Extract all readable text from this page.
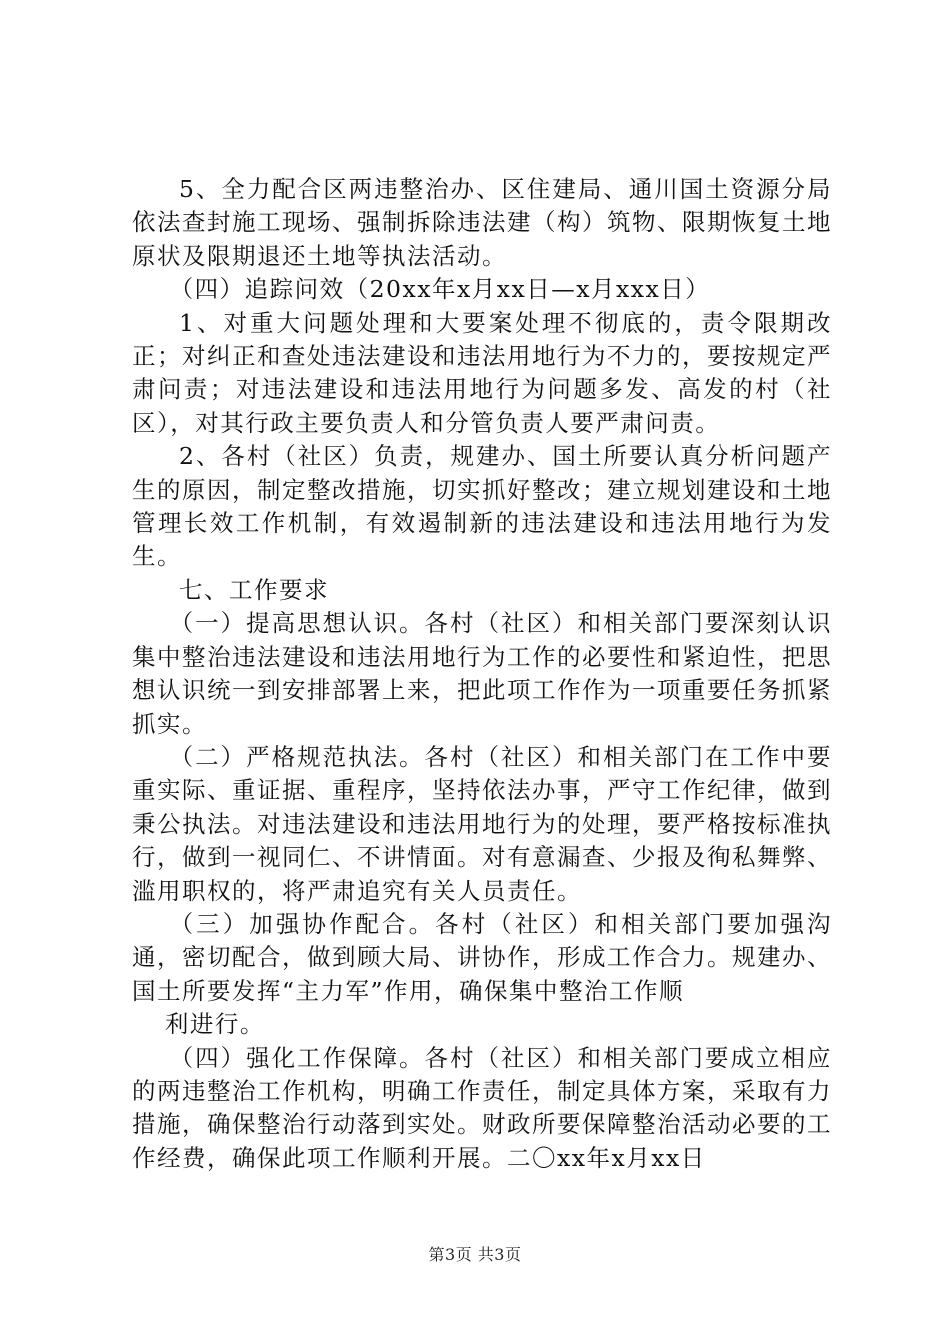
5、全力配合区两违整治办、区住建局、通川国土资源分局依法查封施工现场、强制拆除违法建（构）筑物、限期恢复土地原状及限期退还土地等执法活动。

（四）追踪问效（20xx年x月xx日—x月xxx日）

1、对重大问题处理和大要案处理不彻底的，责令限期改正；对纠正和查处违法建设和违法用地行为不力的，要按规定严肃问责；对违法建设和违法用地行为问题多发、高发的村（社区），对其行政主要负责人和分管负责人要严肃问责。

2、各村（社区）负责，规建办、国土所要认真分析问题产生的原因，制定整改措施，切实抓好整改；建立规划建设和土地管理长效工作机制，有效遏制新的违法建设和违法用地行为发生。

七、工作要求

（一）提高思想认识。各村（社区）和相关部门要深刻认识集中整治违法建设和违法用地行为工作的必要性和紧迫性，把思想认识统一到安排部署上来，把此项工作作为一项重要任务抓紧抓实。

（二）严格规范执法。各村（社区）和相关部门在工作中要重实际、重证据、重程序，坚持依法办事，严守工作纪律，做到秉公执法。对违法建设和违法用地行为的处理，要严格按标准执行，做到一视同仁、不讲情面。对有意漏查、少报及徇私舞弊、滥用职权的，将严肃追究有关人员责任。

（三）加强协作配合。各村（社区）和相关部门要加强沟通，密切配合，做到顾大局、讲协作，形成工作合力。规建办、国土所要发挥“主力军”作用，确保集中整治工作顺

利进行。

（四）强化工作保障。各村（社区）和相关部门要成立相应的两违整治工作机构，明确工作责任，制定具体方案，采取有力措施，确保整治行动落到实处。财政所要保障整治活动必要的工作经费，确保此项工作顺利开展。二〇xx年x月xx日

第3页 共3页
